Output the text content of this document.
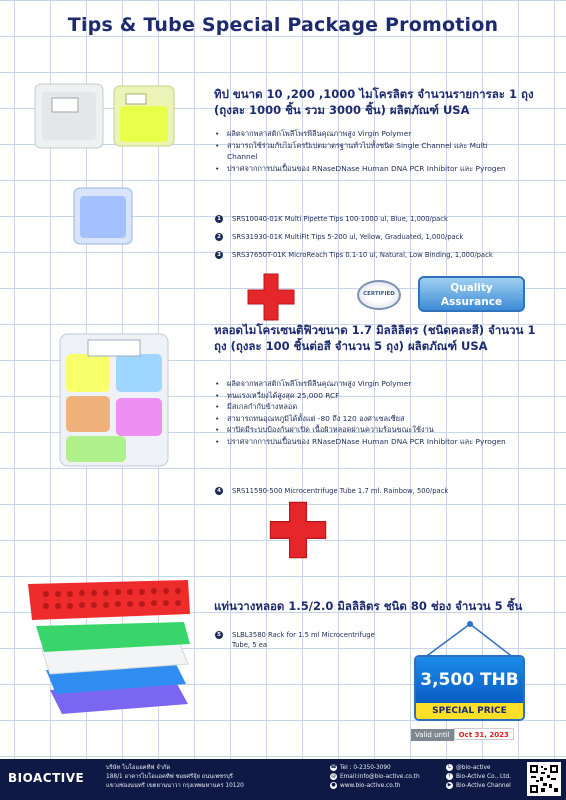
Tips & Tube Special Package Promotion
ทิป ขนาด 10 ,200 ,1000 ไมโครลิตร จำนวนรายการละ 1 ถุง (ถุงละ 1000 ชิ้น รวม 3000 ชิ้น) ผลิตภัณฑ์ USA
• ผลิตจากพลาสติกโพลีโพรพีลีนคุณภาพสูง Virgin Polymer
• สามารถใช้ร่วมกับไมโครปิเปตมาตรฐานทั่วไปทั้งชนิด Single Channel และ Multi Channel
• ปราศจากการปนเปื้อนของ RNaseDNase Human DNA PCR Inhibitor และ Pyrogen
1	SRS10040-01K Multi Pipette Tips 100-1000 ul, Blue, 1,000/pack
2	SRS31930-01K MultiFit Tips 5-200 ul, Yellow, Graduated, 1,000/pack
3	SRS37650T-01K MicroReach Tips 0.1-10 ul, Natural, Low Binding, 1,000/pack
CERTIFIED	Quality
Assurance
หลอดไมโครเซนติฟิวขนาด 1.7 มิลลิลิตร (ชนิดคละสี) จำนวน 1 ถุง (ถุงละ 100 ชิ้นต่อสี จำนวน 5 ถุง) ผลิตภัณฑ์ USA
• ผลิตจากพลาสติกโพลีโพรพีลีนคุณภาพสูง Virgin Polymer
• ทนแรงเหวี่ยงได้สูงสุด 25,000 RCF
• มีสเกลกำกับข้างหลอด
• สามารถทนอุณหภูมิได้ตั้งแต่ -80 ถึง 120 องศาเซลเซียส
• ฝาปิดมีระบบป้องกันฝาเปิด เนื้อผิวหลอดผ่านความร้อนขณะใช้งาน
• ปราศจากการปนเปื้อนของ RNaseDNase Human DNA PCR Inhibitor และ Pyrogen
4	SRS11590-500 Microcentrifuge Tube 1.7 ml. Rainbow, 500/pack
แท่นวางหลอด 1.5/2.0 มิลลิลิตร ชนิด 80 ช่อง จำนวน 5 ชิ้น
5	SLBL3580 Rack for 1.5 ml Microcentrifuge Tube, 5 ea
3,500 THB
SPECIAL PRICE
Valid until Oct 31, 2023
BIOACTIVE
บริษัท ไบโอแอคทีฟ จำกัด
188/1 อาคารไบโอแอคทีฟ ซอยศรีจุ้ย ถนนเพชรบุรี
แขวงช่องนนทรี เขตยานนาวา กรุงเทพมหานคร 10120
☎ Tel : 0-2350-3090
@ Email:info@bio-active.co.th
● www.bio-active.co.th
L @bio-active
f Bio-Active Co., Ltd.
▶ Bio-Active Channel
